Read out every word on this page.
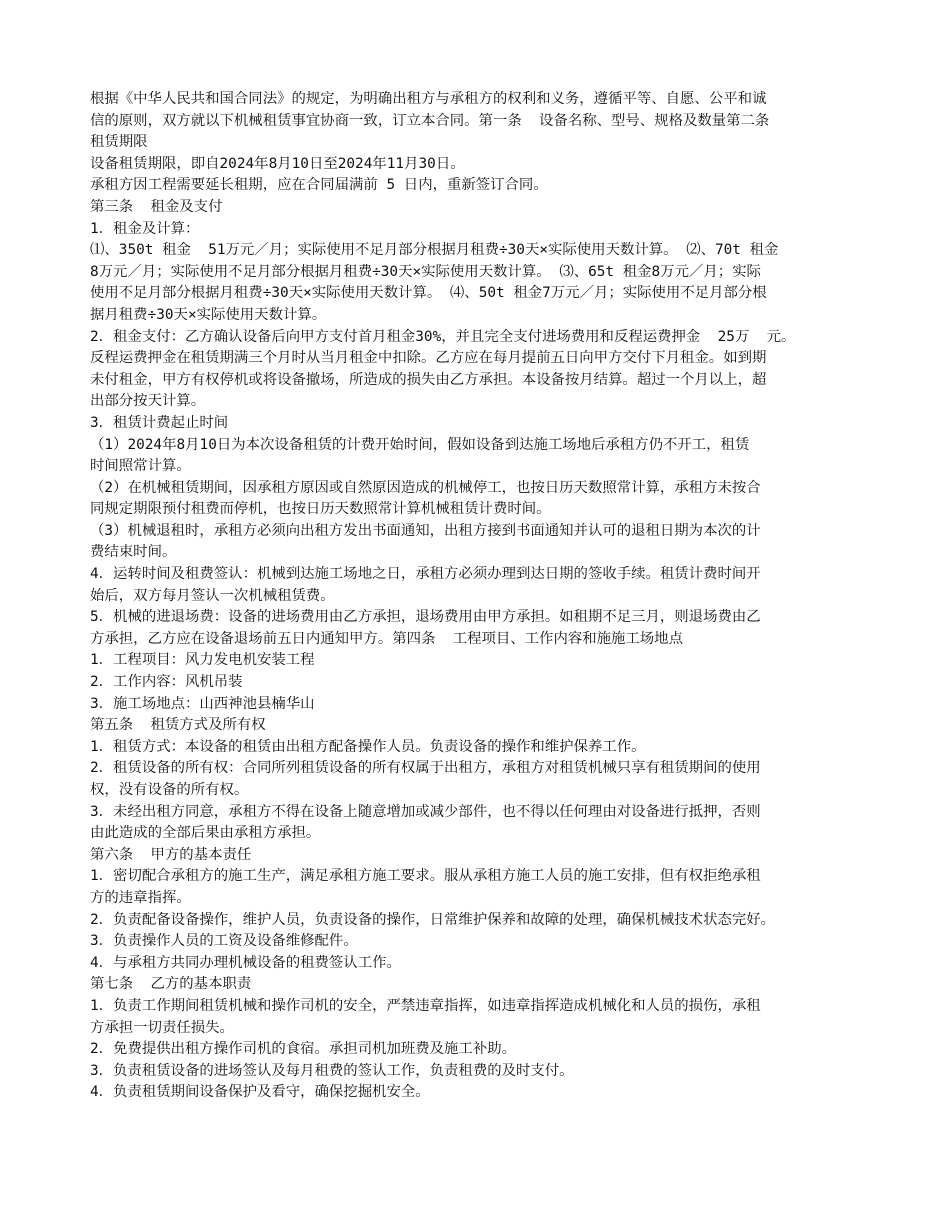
根据《中华人民共和国合同法》的规定，为明确出租方与承租方的权利和义务，遵循平等、自愿、公平和诚
信的原则，双方就以下机械租赁事宜协商一致，订立本合同。第一条  设备名称、型号、规格及数量第二条
租赁期限
设备租赁期限，即自2024年8月10日至2024年11月30日。
承租方因工程需要延长租期，应在合同届满前 5 日内，重新签订合同。
第三条  租金及支付
1．租金及计算：
⑴、350t 租金  51万元／月；实际使用不足月部分根据月租费÷30天×实际使用天数计算。 ⑵、70t 租金
8万元／月；实际使用不足月部分根据月租费÷30天×实际使用天数计算。 ⑶、65t 租金8万元／月；实际
使用不足月部分根据月租费÷30天×实际使用天数计算。 ⑷、50t 租金7万元／月；实际使用不足月部分根
据月租费÷30天×实际使用天数计算。
2．租金支付：乙方确认设备后向甲方支付首月租金30%，并且完全支付进场费用和反程运费押金  25万  元。
反程运费押金在租赁期满三个月时从当月租金中扣除。乙方应在每月提前五日向甲方交付下月租金。如到期
未付租金，甲方有权停机或将设备撤场，所造成的损失由乙方承担。本设备按月结算。超过一个月以上，超
出部分按天计算。
3．租赁计费起止时间
（1）2024年8月10日为本次设备租赁的计费开始时间，假如设备到达施工场地后承租方仍不开工，租赁
时间照常计算。
（2）在机械租赁期间，因承租方原因或自然原因造成的机械停工，也按日历天数照常计算，承租方未按合
同规定期限预付租费而停机，也按日历天数照常计算机械租赁计费时间。
（3）机械退租时，承租方必须向出租方发出书面通知，出租方接到书面通知并认可的退租日期为本次的计
费结束时间。
4．运转时间及租费签认：机械到达施工场地之日，承租方必须办理到达日期的签收手续。租赁计费时间开
始后，双方每月签认一次机械租赁费。
5．机械的进退场费：设备的进场费用由乙方承担，退场费用由甲方承担。如租期不足三月，则退场费由乙
方承担，乙方应在设备退场前五日内通知甲方。第四条  工程项目、工作内容和施施工场地点
1．工程项目：风力发电机安装工程
2．工作内容：风机吊装
3．施工场地点：山西神池县楠华山
第五条  租赁方式及所有权
1．租赁方式：本设备的租赁由出租方配备操作人员。负责设备的操作和维护保养工作。
2．租赁设备的所有权：合同所列租赁设备的所有权属于出租方，承租方对租赁机械只享有租赁期间的使用
权，没有设备的所有权。
3．未经出租方同意，承租方不得在设备上随意增加或减少部件，也不得以任何理由对设备进行抵押，否则
由此造成的全部后果由承租方承担。
第六条  甲方的基本责任
1．密切配合承租方的施工生产，满足承租方施工要求。服从承租方施工人员的施工安排，但有权拒绝承租
方的违章指挥。
2．负责配备设备操作，维护人员，负责设备的操作，日常维护保养和故障的处理，确保机械技术状态完好。
3．负责操作人员的工资及设备维修配件。
4．与承租方共同办理机械设备的租费签认工作。
第七条  乙方的基本职责
1．负责工作期间租赁机械和操作司机的安全，严禁违章指挥，如违章指挥造成机械化和人员的损伤，承租
方承担一切责任损失。
2．免费提供出租方操作司机的食宿。承担司机加班费及施工补助。
3．负责租赁设备的进场签认及每月租费的签认工作，负责租费的及时支付。
4．负责租赁期间设备保护及看守，确保挖掘机安全。
